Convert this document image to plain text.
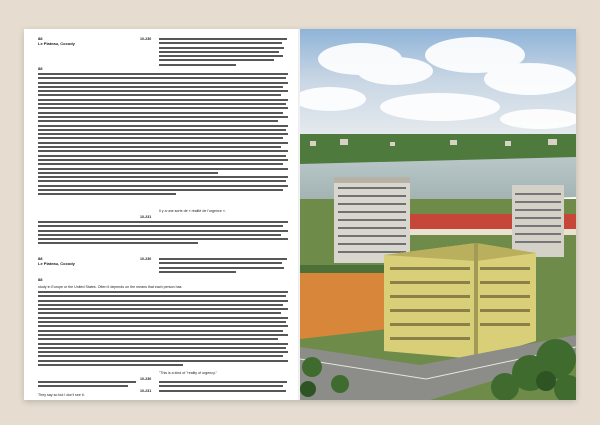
88

Le Plateau, Cocody

10-230

88

Il y a une sorte de « réalité de l'urgence ».

10-231

88

Le Plateau, Cocody

10-230

88

study in Europe or the United States. Often it depends on the means that each person has

"This is a kind of "reality of urgency."

10-230

10-231

They say so but I don't see it.
